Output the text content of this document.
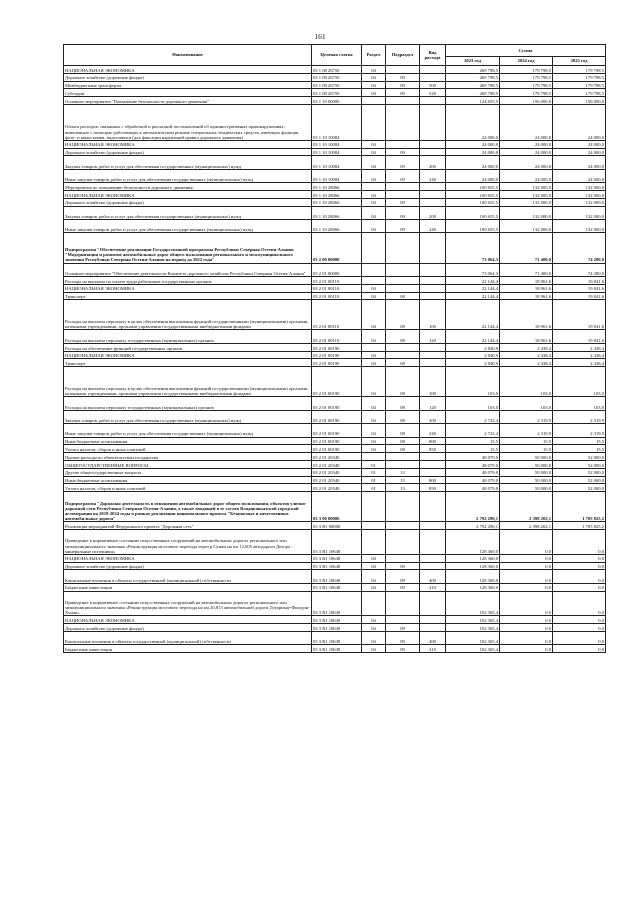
161
Наименование	Целевая статья	Раздел	Подраздел	Вид расхода	Сумма		
					2023 год	2024 год	2025 год
НАЦИОНАЛЬНАЯ ЭКОНОМИКА	03 1 08 26750	04			269 798,5	179 798,5	179 798,5
Дорожное хозяйство (дорожные фонды)	03 1 08 26750	04	09		269 798,5	179 798,5	179 798,5
Межбюджетные трансферты	03 1 08 26750	04	09	500	269 798,5	179 798,5	179 798,5
Субсидии	03 1 08 26750	04	09	520	269 798,5	179 798,5	179 798,5
Основное мероприятие "Повышение безопасности дорожного движения"	03 1 10 00000				124 655,5	156 000,0	156 000,0
Оплата расходов, связанных с обработкой и рассылкой постановлений об административных правонарушениях, выявленных с помощью работающих в автоматическом режиме специальных технических средств, имеющих функции фото- и киносъемки, видеозаписи (для фиксации нарушений правил дорожного движения)	03 1 10 10084				24 000,0	24 000,0	24 000,0
НАЦИОНАЛЬНАЯ ЭКОНОМИКА	03 1 10 10084	04			24 000,0	24 000,0	24 000,0
Дорожное хозяйство (дорожные фонды)	03 1 10 10084	04	09		24 000,0	24 000,0	24 000,0
Закупка товаров, работ и услуг для обеспечения государственных (муниципальных) нужд	03 1 10 10084	04	09	200	24 000,0	24 000,0	24 000,0
Иные закупки товаров, работ и услуг для обеспечения государственных (муниципальных) нужд	03 1 10 10084	04	09	240	24 000,0	24 000,0	24 000,0
Мероприятия по повышению безопасности дорожного движения	03 1 10 28066				100 655,5	132 000,0	132 000,0
НАЦИОНАЛЬНАЯ ЭКОНОМИКА	03 1 10 28066	04			100 655,5	132 000,0	132 000,0
Дорожное хозяйство (дорожные фонды)	03 1 10 28066	04	09		100 655,5	132 000,0	132 000,0
Закупка товаров, работ и услуг для обеспечения государственных (муниципальных) нужд	03 1 10 28066	04	09	200	100 655,5	132 000,0	132 000,0
Иные закупки товаров, работ и услуг для обеспечения государственных (муниципальных) нужд	03 1 10 28066	04	09	240	100 655,5	132 000,0	132 000,0
Подпрограмма "Обеспечение реализации Государственной программы Республики Северная Осетия-Алания "Модернизация и развитие автомобильных дорог общего пользования регионального и межмуниципального значения Республики Северная Осетия-Алания на период до 2022 года"	03 2 00 00000				73 064,3	71 400,0	74 280,0
Основное мероприятие "Обеспечение деятельности Комитета дорожного хозяйства Республики Северная Осетия-Алания"	03 2 01 00000				73 064,3	71 400,0	74 280,0
Расходы на выплаты по оплате труда работников государственных органов	03 2 01 00110				22 144,4	18 961,6	19 841,6
НАЦИОНАЛЬНАЯ ЭКОНОМИКА	03 2 01 00110	04			22 144,4	18 961,6	19 841,6
Транспорт	03 2 01 00110	04	08		22 144,4	18 961,6	19 841,6
Расходы на выплаты персоналу в целях обеспечения выполнения функций государственными (муниципальными) органами, казенными учреждениями, органами управления государственными внебюджетными фондами	03 2 01 00110	04	08	100	22 144,4	18 961,6	19 841,6
Расходы на выплаты персоналу государственных (муниципальных) органов	03 2 01 00110	04	08	120	22 144,4	18 961,6	19 841,6
Расходы на обеспечение функций государственных органов	03 2 01 00190				2 840,9	2 438,4	2 438,4
НАЦИОНАЛЬНАЯ ЭКОНОМИКА	03 2 01 00190	04			2 840,9	2 438,4	2 438,4
Транспорт	03 2 01 00190	04	08		2 840,9	2 438,4	2 438,4
Расходы на выплаты персоналу в целях обеспечения выполнения функций государственными (муниципальными) органами, казенными учреждениями, органами управления государственными внебюджетными фондами	03 2 01 00190	04	08	100	103,0	103,0	103,0
Расходы на выплаты персоналу государственных (муниципальных) органов	03 2 01 00190	04	08	120	103,0	103,0	103,0
Закупка товаров, работ и услуг для обеспечения государственных (муниципальных) нужд	03 2 01 00190	04	08	200	2 722,4	2 319,9	2 319,9
Иные закупки товаров, работ и услуг для обеспечения государственных (муниципальных) нужд	03 2 01 00190	04	08	240	2 722,4	2 319,9	2 319,9
Иные бюджетные ассигнования	03 2 01 00190	04	08	800	15,5	15,5	15,5
Уплата налогов, сборов и иных платежей	03 2 01 00190	04	08	850	15,5	15,5	15,5
Прочие расходы по обязательствам государства	03 2 01 20340				48 079,0	50 000,0	52 000,0
ОБЩЕГОСУДАРСТВЕННЫЕ ВОПРОСЫ	03 2 01 20340	01			48 079,0	50 000,0	52 000,0
Другие общегосударственные вопросы	03 2 01 20340	01	13		48 079,0	50 000,0	52 000,0
Иные бюджетные ассигнования	03 2 01 20340	01	13	800	48 079,0	50 000,0	52 000,0
Уплата налогов, сборов и иных платежей	03 2 01 20340	01	13	850	48 079,0	50 000,0	52 000,0
Подпрограмма "Дорожная деятельность в отношении автомобильных дорог общего пользования, объектов улично-дорожной сети Республики Северная Осетия-Алания, а также входящей в ее состав Владикавказской городской агломерации на 2019-2024 годы в рамках реализации национального проекта "Безопасные и качественные автомобильные дороги"	03 3 00 00000				2 792 290,1	2 398 202,1	1 705 825,2
Реализация мероприятий Федерального проекта "Дорожная сеть"	03 3 R1 00000				2 792 290,1	2 398 202,1	1 705 825,2
Приведение в нормативное состояние искусственных сооружений на автомобильных дорогах регионального или межмуниципального значения «Реконструкция мостового перехода через р.Сунжа на км 12,605 автодороги Дигора - минеральные источники»	03 3 R1 10648				128 360,0	0,0	0,0
НАЦИОНАЛЬНАЯ ЭКОНОМИКА	03 3 R1 10648	04			128 360,0	0,0	0,0
Дорожное хозяйство (дорожные фонды)	03 3 R1 10648	04	09		128 360,0	0,0	0,0
Капитальные вложения в объекты государственной (муниципальной) собственности	03 3 R1 10648	04	09	400	128 360,0	0,0	0,0
Бюджетные инвестиции	03 3 R1 10648	04	09	410	128 360,0	0,0	0,0
Приведение в нормативное состояние искусственных сооружений на автомобильных дорогах регионального или межмуниципального значения «Реконструкция мостового перехода на км 20,813 автомобильной дороги Дзуарикау-Фиагдон-Хилак»	03 3 R1 10649				102 365,4	0,0	0,0
НАЦИОНАЛЬНАЯ ЭКОНОМИКА	03 3 R1 10649	04			102 365,4	0,0	0,0
Дорожное хозяйство (дорожные фонды)	03 3 R1 10649	04	09		102 365,4	0,0	0,0
Капитальные вложения в объекты государственной (муниципальной) собственности	03 3 R1 10649	04	09	400	102 365,4	0,0	0,0
Бюджетные инвестиции	03 3 R1 10649	04	09	410	102 365,4	0,0	0,0
